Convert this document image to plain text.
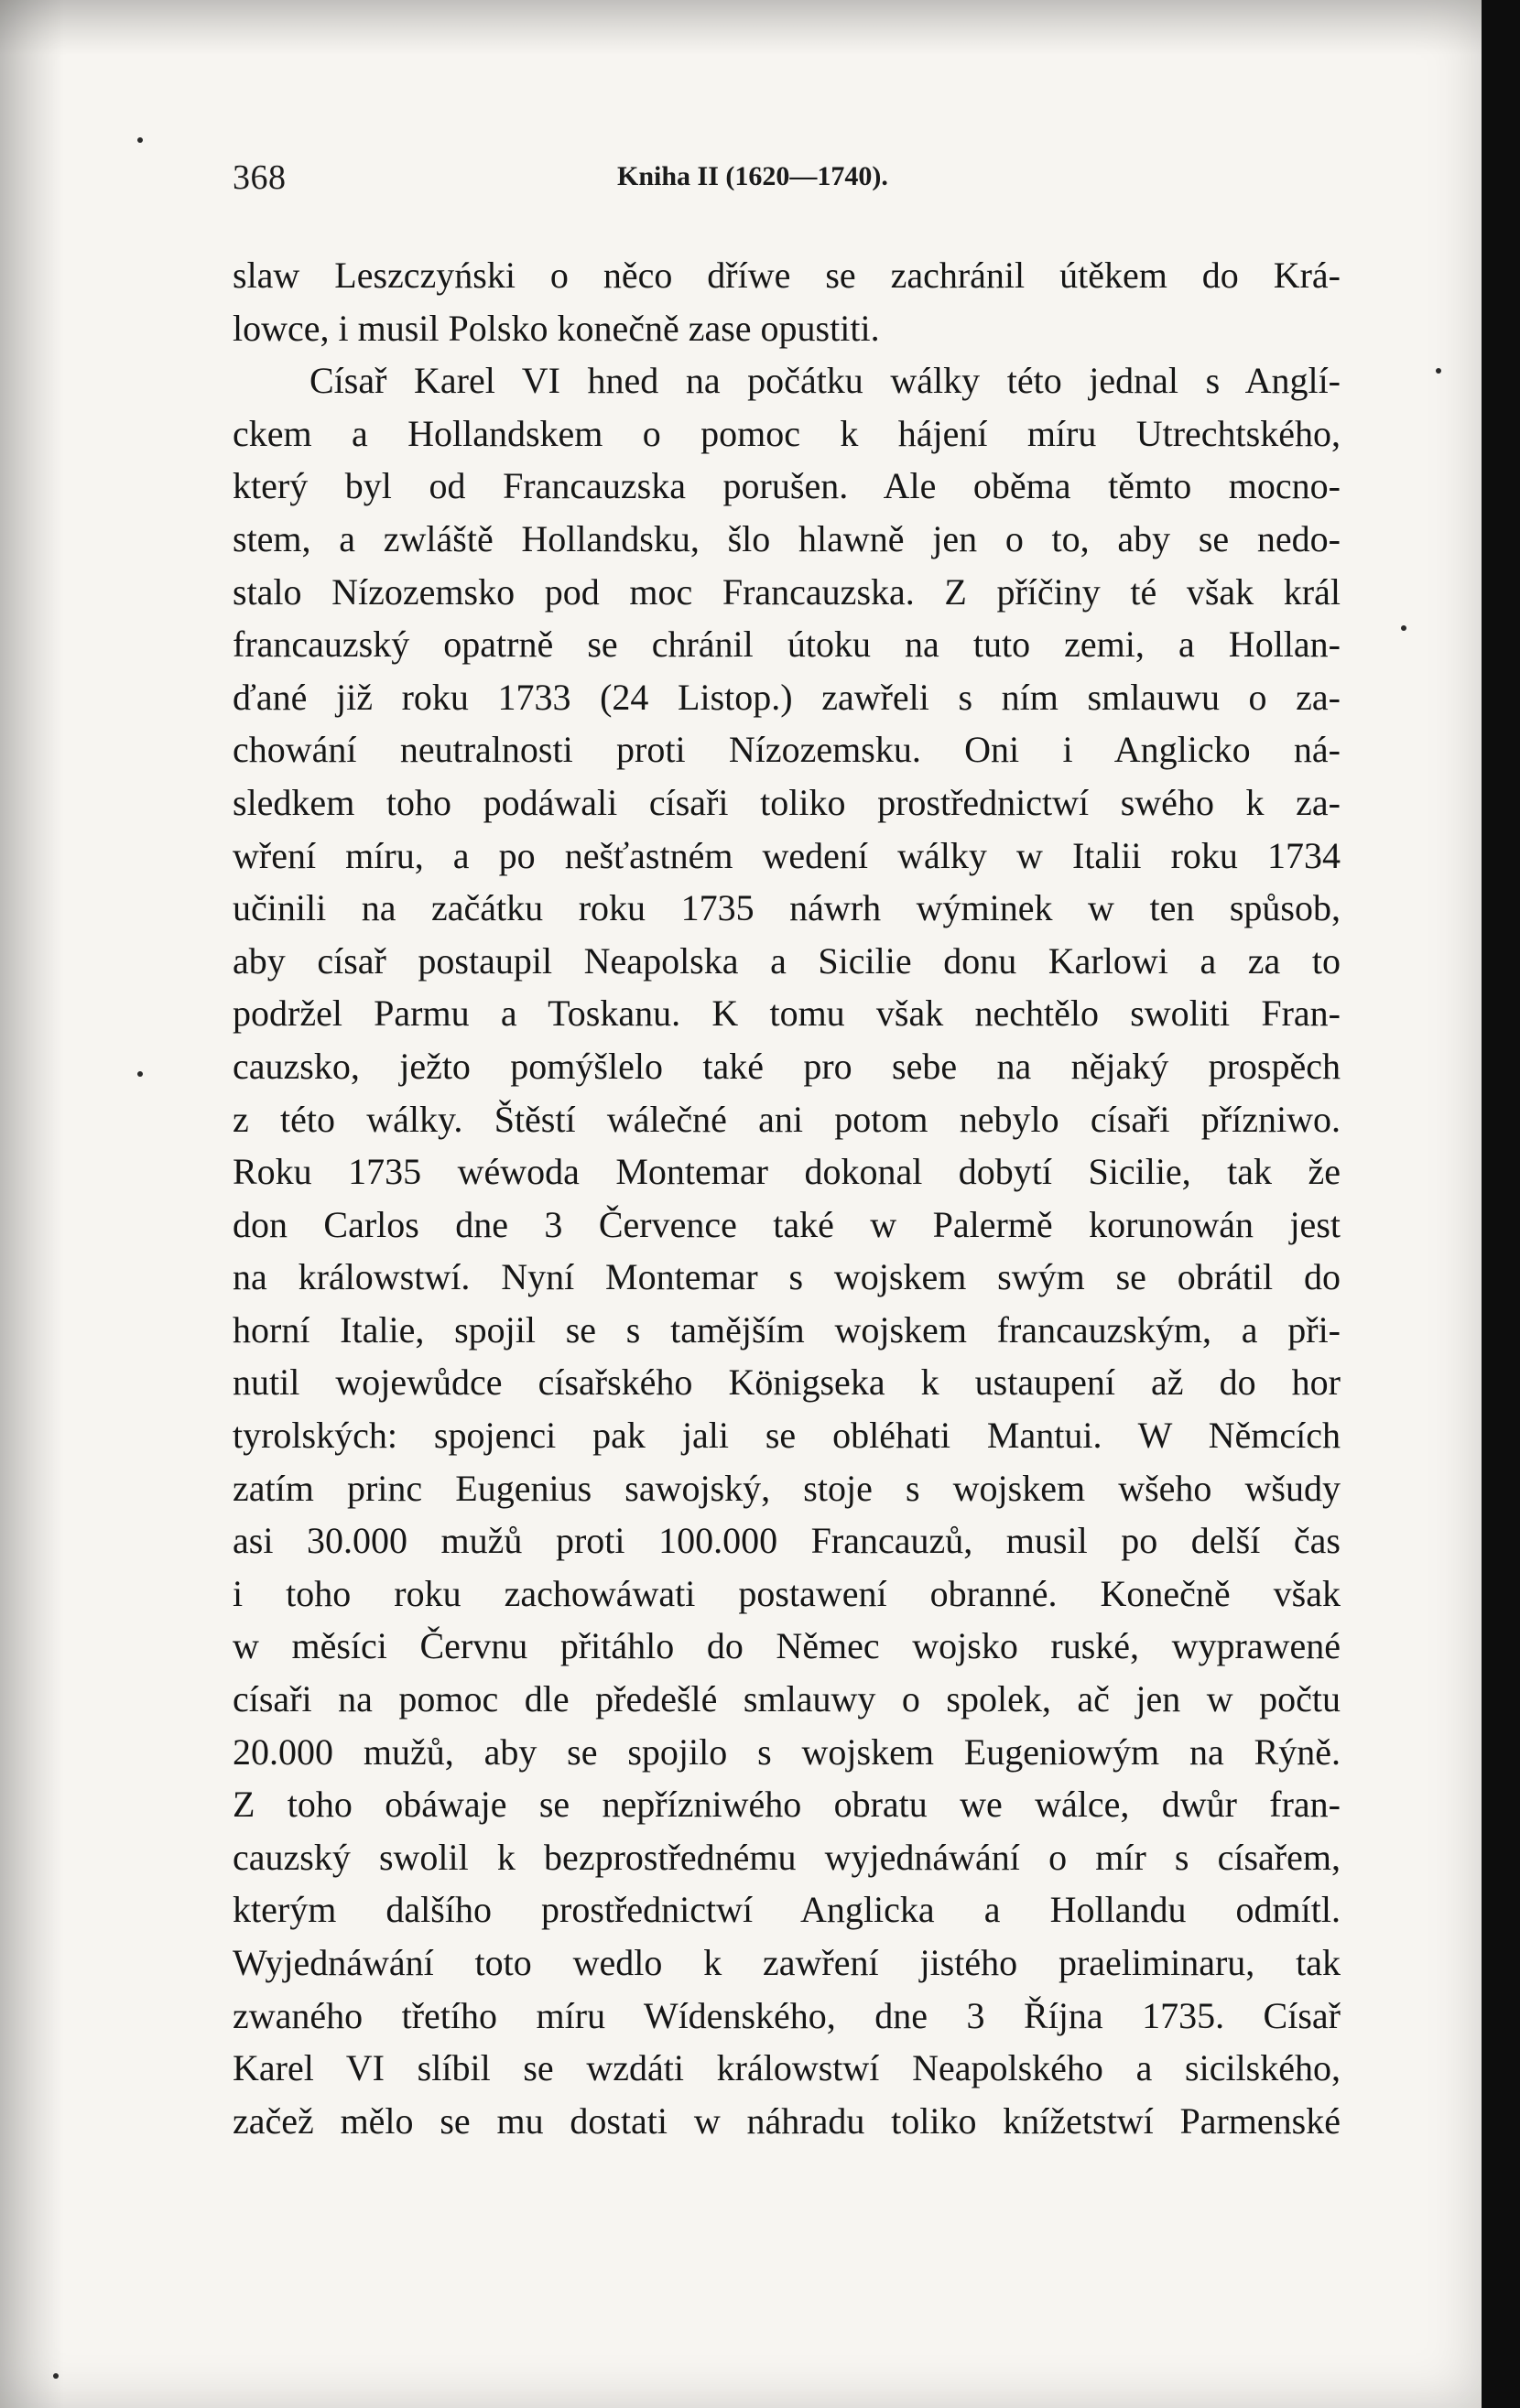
368	Kniha II (1620—1740).
slaw Leszczyński o něco dříwe se zachránil útěkem do Krá-
lowce, i musil Polsko konečně zase opustiti.
Císař Karel VI hned na počátku wálky této jednal s Anglí-
ckem a Hollandskem o pomoc k hájení míru Utrechtského,
který byl od Francauzska porušen. Ale oběma těmto mocno-
stem, a zwláště Hollandsku, šlo hlawně jen o to, aby se nedo-
stalo Nízozemsko pod moc Francauzska. Z příčiny té však král
francauzský opatrně se chránil útoku na tuto zemi, a Hollan-
ďané již roku 1733 (24 Listop.) zawřeli s ním smlauwu o za-
chowání neutralnosti proti Nízozemsku. Oni i Anglicko ná-
sledkem toho podáwali císaři toliko prostřednictwí swého k za-
wření míru, a po nešťastném wedení wálky w Italii roku 1734
učinili na začátku roku 1735 náwrh wýminek w ten spůsob,
aby císař postaupil Neapolska a Sicilie donu Karlowi a za to
podržel Parmu a Toskanu. K tomu však nechtělo swoliti Fran-
cauzsko, ježto pomýšlelo také pro sebe na nějaký prospěch
z této wálky. Štěstí wálečné ani potom nebylo císaři přízniwo.
Roku 1735 wéwoda Montemar dokonal dobytí Sicilie, tak že
don Carlos dne 3 Července také w Palermě korunowán jest
na králowstwí. Nyní Montemar s wojskem swým se obrátil do
horní Italie, spojil se s tamějším wojskem francauzským, a při-
nutil wojewůdce císařského Königseka k ustaupení až do hor
tyrolských: spojenci pak jali se obléhati Mantui. W Němcích
zatím princ Eugenius sawojský, stoje s wojskem wšeho wšudy
asi 30.000 mužů proti 100.000 Francauzů, musil po delší čas
i toho roku zachowáwati postawení obranné. Konečně však
w měsíci Červnu přitáhlo do Němec wojsko ruské, wyprawené
císaři na pomoc dle předešlé smlauwy o spolek, ač jen w počtu
20.000 mužů, aby se spojilo s wojskem Eugeniowým na Rýně.
Z toho obáwaje se nepřízniwého obratu we wálce, dwůr fran-
cauzský swolil k bezprostřednému wyjednáwání o mír s císařem,
kterým dalšího prostřednictwí Anglicka a Hollandu odmítl.
Wyjednáwání toto wedlo k zawření jistého praeliminaru, tak
zwaného třetího míru Wídenského, dne 3 Října 1735. Císař
Karel VI slíbil se wzdáti králowstwí Neapolského a sicilského,
začež mělo se mu dostati w náhradu toliko knížetstwí Parmenské
